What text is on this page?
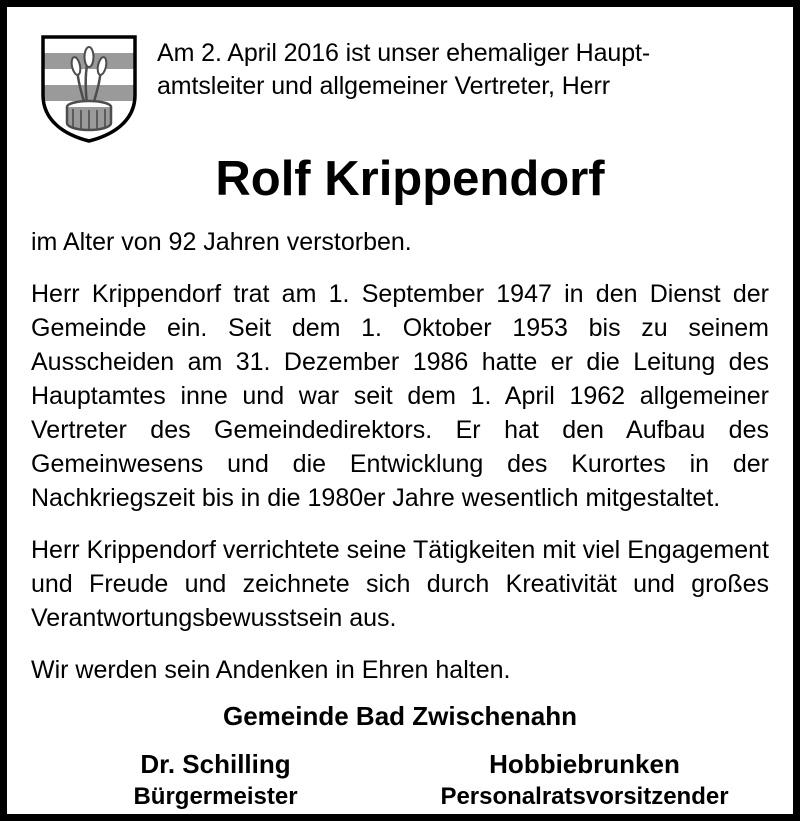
Am 2. April 2016 ist unser ehemaliger Haupt-
amtsleiter und allgemeiner Vertreter, Herr
Rolf Krippendorf

im Alter von 92 Jahren verstorben.

Herr Krippendorf trat am 1. September 1947 in den Dienst der Gemeinde ein. Seit dem 1. Oktober 1953 bis zu seinem Ausscheiden am 31. Dezember 1986 hatte er die Leitung des Hauptamtes inne und war seit dem 1. April 1962 allgemeiner Vertreter des Gemeindedirektors. Er hat den Aufbau des Gemeinwesens und die Entwicklung des Kurortes in der Nachkriegszeit bis in die 1980er Jahre wesentlich mitgestaltet.

Herr Krippendorf verrichtete seine Tätigkeiten mit viel Engagement und Freude und zeichnete sich durch Kreativität und großes Verantwortungsbewusstsein aus.

Wir werden sein Andenken in Ehren halten.

Gemeinde Bad Zwischenahn
Dr. Schilling
Bürgermeister
Hobbiebrunken
Personalratsvorsitzender
